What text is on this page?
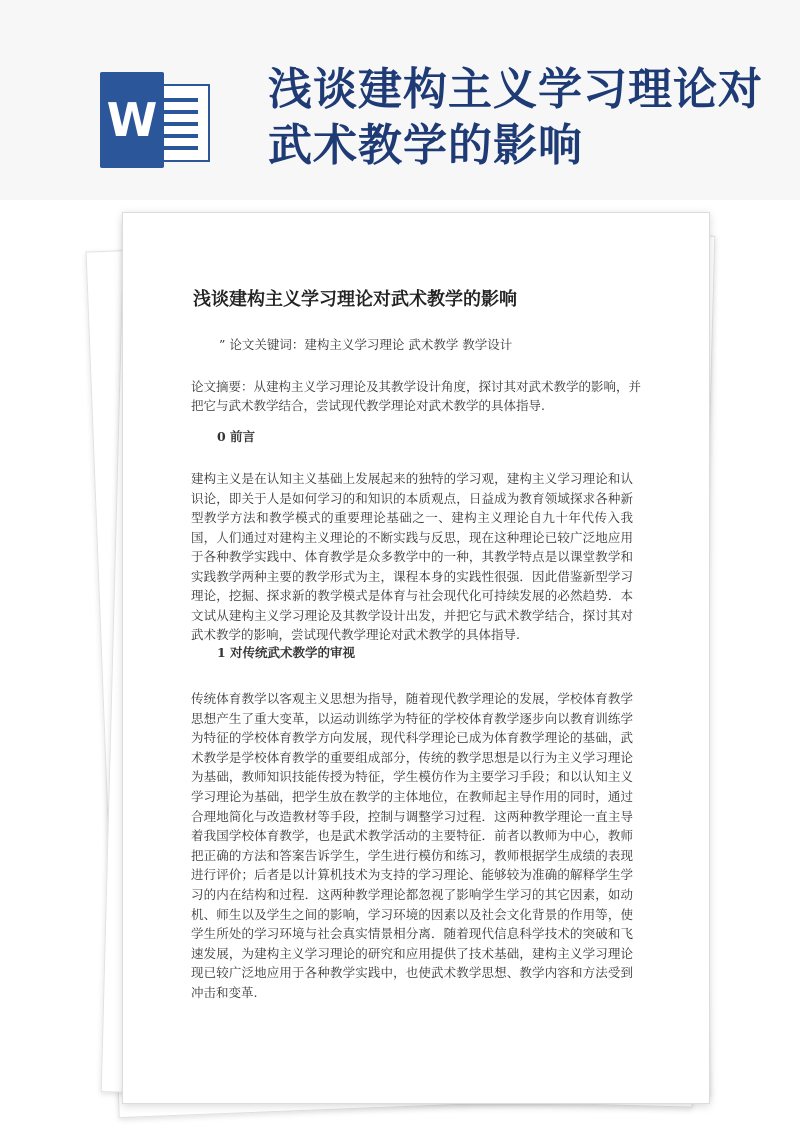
W
浅谈建构主义学习理论对武术教学的影响
浅谈建构主义学习理论对武术教学的影响
” 论文关键词：建构主义学习理论 武术教学 教学设计

论文摘要：从建构主义学习理论及其教学设计角度，探讨其对武术教学的影响，并把它与武术教学结合，尝试现代教学理论对武术教学的具体指导.

0 前言

建构主义是在认知主义基础上发展起来的独特的学习观，建构主义学习理论和认识论，即关于人是如何学习的和知识的本质观点，日益成为教育领域探求各种新型教学方法和教学模式的重要理论基础之一、建构主义理论自九十年代传入我国，人们通过对建构主义理论的不断实践与反思，现在这种理论已较广泛地应用于各种教学实践中、体育教学是众多教学中的一种，其教学特点是以课堂教学和实践教学两种主要的教学形式为主，课程本身的实践性很强．因此借鉴新型学习理论，挖掘、探求新的教学模式是体育与社会现代化可持续发展的必然趋势．本文试从建构主义学习理论及其教学设计出发，并把它与武术教学结合，探讨其对武术教学的影响，尝试现代教学理论对武术教学的具体指导.

1 对传统武术教学的审视

传统体育教学以客观主义思想为指导，随着现代教学理论的发展，学校体育教学思想产生了重大变革，以运动训练学为特征的学校体育教学逐步向以教育训练学为特征的学校体育教学方向发展，现代科学理论已成为体育教学理论的基础，武术教学是学校体育教学的重要组成部分，传统的教学思想是以行为主义学习理论为基础，教师知识技能传授为特征，学生模仿作为主要学习手段；和以认知主义学习理论为基础，把学生放在教学的主体地位，在教师起主导作用的同时，通过合理地简化与改造教材等手段，控制与调整学习过程．这两种教学理论一直主导着我国学校体育教学，也是武术教学活动的主要特征．前者以教师为中心，教师把正确的方法和答案告诉学生，学生进行模仿和练习，教师根据学生成绩的表现进行评价；后者是以计算机技术为支持的学习理论、能够较为准确的解释学生学习的内在结构和过程．这两种教学理论都忽视了影响学生学习的其它因素，如动机、师生以及学生之间的影响，学习环境的因素以及社会文化背景的作用等，使学生所处的学习环境与社会真实情景相分离．随着现代信息科学技术的突破和飞速发展，为建构主义学习理论的研究和应用提供了技术基础，建构主义学习理论现已较广泛地应用于各种教学实践中，也使武术教学思想、教学内容和方法受到冲击和变革.
